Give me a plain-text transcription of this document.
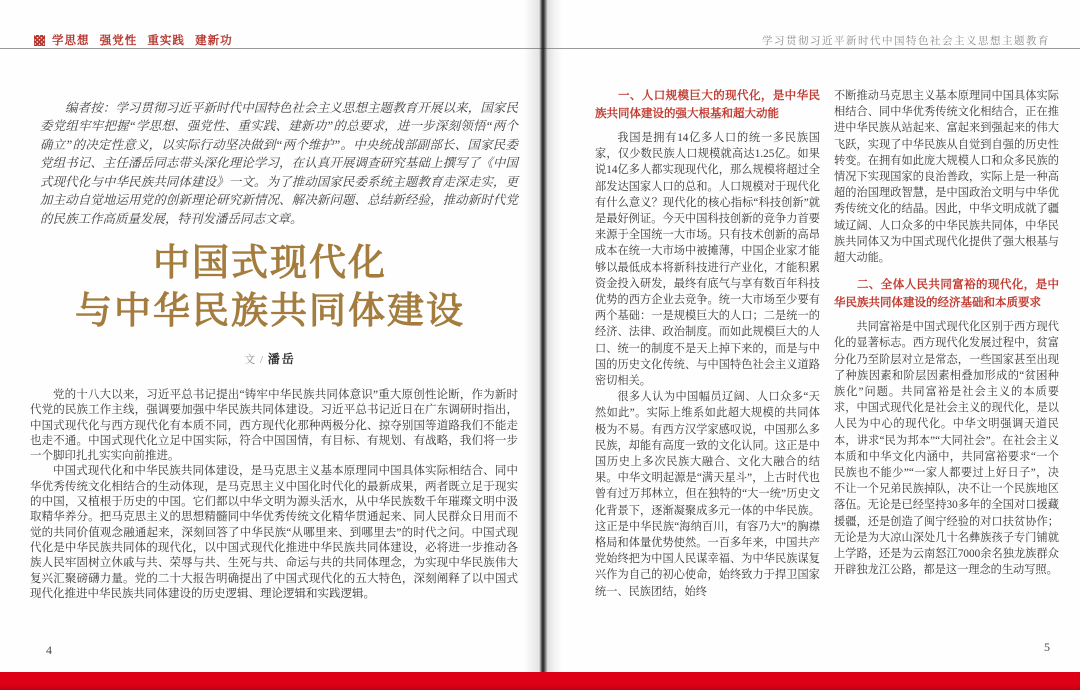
学思想 强党性 重实践 建新功

编者按：学习贯彻习近平新时代中国特色社会主义思想主题教育开展以来，国家民委党组牢牢把握“学思想、强党性、重实践、建新功”的总要求，进一步深刻领悟“两个确立”的决定性意义，以实际行动坚决做到“两个维护”。中央统战部副部长、国家民委党组书记、主任潘岳同志带头深化理论学习，在认真开展调查研究基础上撰写了《中国式现代化与中华民族共同体建设》一文。为了推动国家民委系统主题教育走深走实，更加主动自觉地运用党的创新理论研究新情况、解决新问题、总结新经验，推动新时代党的民族工作高质量发展，特刊发潘岳同志文章。

中国式现代化
与中华民族共同体建设
文 / 潘岳

党的十八大以来，习近平总书记提出“铸牢中华民族共同体意识”重大原创性论断，作为新时代党的民族工作主线，强调要加强中华民族共同体建设。习近平总书记近日在广东调研时指出，中国式现代化与西方现代化有本质不同，西方现代化那种两极分化、掠夺别国等道路我们不能走也走不通。中国式现代化立足中国实际，符合中国国情，有目标、有规划、有战略，我们将一步一个脚印扎扎实实向前推进。

中国式现代化和中华民族共同体建设，是马克思主义基本原理同中国具体实际相结合、同中华优秀传统文化相结合的生动体现，是马克思主义中国化时代化的最新成果，两者既立足于现实的中国，又植根于历史的中国。它们都以中华文明为源头活水，从中华民族数千年璀璨文明中汲取精华养分。把马克思主义的思想精髓同中华优秀传统文化精华贯通起来、同人民群众日用而不觉的共同价值观念融通起来，深刻回答了中华民族“从哪里来、到哪里去”的时代之问。中国式现代化是中华民族共同体的现代化，以中国式现代化推进中华民族共同体建设，必将进一步推动各族人民牢固树立休戚与共、荣辱与共、生死与共、命运与共的共同体理念，为实现中华民族伟大复兴汇聚磅礴力量。党的二十大报告明确提出了中国式现代化的五大特色，深刻阐释了以中国式现代化推进中华民族共同体建设的历史逻辑、理论逻辑和实践逻辑。

4
学习贯彻习近平新时代中国特色社会主义思想主题教育
一、人口规模巨大的现代化，是中华民族共同体建设的强大根基和超大动能

我国是拥有14亿多人口的统一多民族国家，仅少数民族人口规模就高达1.25亿。如果说14亿多人都实现现代化，那么规模将超过全部发达国家人口的总和。人口规模对于现代化有什么意义？现代化的核心指标“科技创新”就是最好例证。今天中国科技创新的竞争力首要来源于全国统一大市场。只有技术创新的高昂成本在统一大市场中被摊薄，中国企业家才能够以最低成本将新科技进行产业化，才能积累资金投入研发，最终有底气与享有数百年科技优势的西方企业去竞争。统一大市场至少要有两个基础：一是规模巨大的人口；二是统一的经济、法律、政治制度。而如此规模巨大的人口、统一的制度不是天上掉下来的，而是与中国的历史文化传统、与中国特色社会主义道路密切相关。

很多人认为中国幅员辽阔、人口众多“天然如此”。实际上维系如此超大规模的共同体极为不易。有西方汉学家感叹说，中国那么多民族，却能有高度一致的文化认同。这正是中国历史上多次民族大融合、文化大融合的结果。中华文明起源是“满天星斗”，上古时代也曾有过万邦林立，但在独特的“大一统”历史文化背景下，逐渐凝聚成多元一体的中华民族。这正是中华民族“海纳百川，有容乃大”的胸襟格局和体量优势使然。一百多年来，中国共产党始终把为中国人民谋幸福、为中华民族谋复兴作为自己的初心使命，始终致力于捍卫国家统一、民族团结，始终

不断推动马克思主义基本原理同中国具体实际相结合、同中华优秀传统文化相结合，正在推进中华民族从站起来、富起来到强起来的伟大飞跃，实现了中华民族从自觉到自强的历史性转变。在拥有如此庞大规模人口和众多民族的情况下实现国家的良治善政，实际上是一种高超的治国理政智慧，是中国政治文明与中华优秀传统文化的结晶。因此，中华文明成就了疆域辽阔、人口众多的中华民族共同体，中华民族共同体又为中国式现代化提供了强大根基与超大动能。

二、全体人民共同富裕的现代化，是中华民族共同体建设的经济基础和本质要求

共同富裕是中国式现代化区别于西方现代化的显著标志。西方现代化发展过程中，贫富分化乃至阶层对立是常态，一些国家甚至出现了种族因素和阶层因素相叠加形成的“贫困种族化”问题。共同富裕是社会主义的本质要求，中国式现代化是社会主义的现代化，是以人民为中心的现代化。中华文明强调天道民本，讲求“民为邦本”“大同社会”。在社会主义本质和中华文化内涵中，共同富裕要求“一个民族也不能少”“一家人都要过上好日子”，决不让一个兄弟民族掉队，决不让一个民族地区落伍。无论是已经坚持30多年的全国对口援藏援疆，还是创造了闽宁经验的对口扶贫协作；无论是为大凉山深处几十名彝族孩子专门铺就上学路，还是为云南怒江7000余名独龙族群众开辟独龙江公路，都是这一理念的生动写照。

5
